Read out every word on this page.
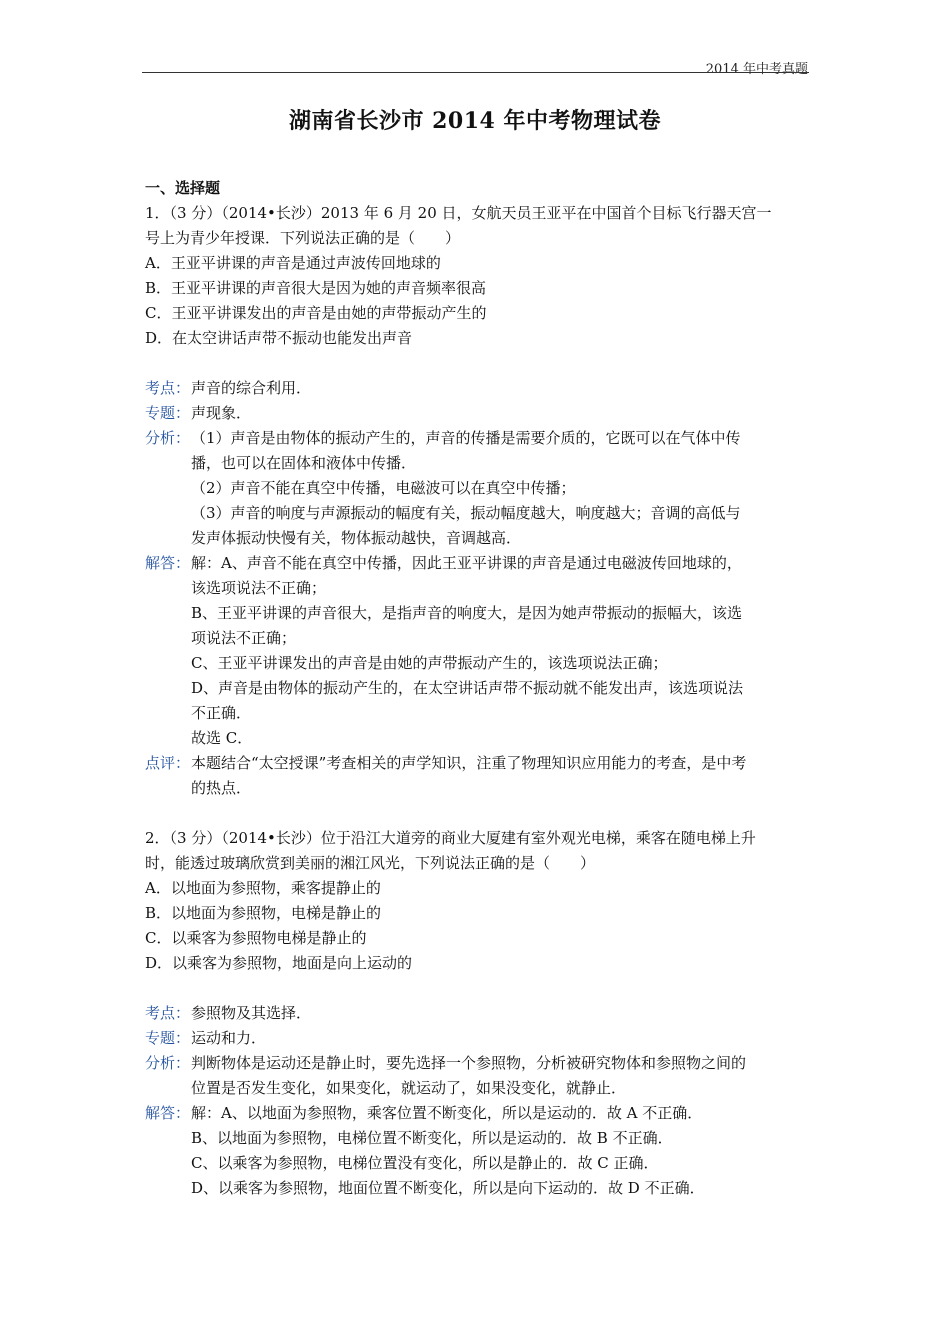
2014 年中考真题
湖南省长沙市 2014 年中考物理试卷
一、选择题
1．（3 分）（2014•长沙）2013 年 6 月 20 日，女航天员王亚平在中国首个目标飞行器天宫一
号上为青少年授课．下列说法正确的是（　　）
A．王亚平讲课的声音是通过声波传回地球的
B．王亚平讲课的声音很大是因为她的声音频率很高
C．王亚平讲课发出的声音是由她的声带振动产生的
D．在太空讲话声带不振动也能发出声音
考点： 声音的综合利用．
专题： 声现象．
分析： （1）声音是由物体的振动产生的，声音的传播是需要介质的，它既可以在气体中传
播，也可以在固体和液体中传播．
（2）声音不能在真空中传播，电磁波可以在真空中传播；
（3）声音的响度与声源振动的幅度有关，振动幅度越大，响度越大；音调的高低与
发声体振动快慢有关，物体振动越快，音调越高．
解答： 解：A、声音不能在真空中传播，因此王亚平讲课的声音是通过电磁波传回地球的，
该选项说法不正确；
B、王亚平讲课的声音很大，是指声音的响度大，是因为她声带振动的振幅大，该选
项说法不正确；
C、王亚平讲课发出的声音是由她的声带振动产生的，该选项说法正确；
D、声音是由物体的振动产生的，在太空讲话声带不振动就不能发出声，该选项说法
不正确．
故选 C．
点评： 本题结合“太空授课”考查相关的声学知识，注重了物理知识应用能力的考查，是中考
的热点．
2．（3 分）（2014•长沙）位于沿江大道旁的商业大厦建有室外观光电梯，乘客在随电梯上升
时，能透过玻璃欣赏到美丽的湘江风光，下列说法正确的是（　　）
A．以地面为参照物，乘客提静止的
B．以地面为参照物，电梯是静止的
C．以乘客为参照物电梯是静止的
D．以乘客为参照物，地面是向上运动的
考点： 参照物及其选择．
专题： 运动和力．
分析： 判断物体是运动还是静止时，要先选择一个参照物，分析被研究物体和参照物之间的
位置是否发生变化，如果变化，就运动了，如果没变化，就静止．
解答： 解：A、以地面为参照物，乘客位置不断变化，所以是运动的．故 A 不正确．
B、以地面为参照物，电梯位置不断变化，所以是运动的．故 B 不正确．
C、以乘客为参照物，电梯位置没有变化，所以是静止的．故 C 正确．
D、以乘客为参照物，地面位置不断变化，所以是向下运动的．故 D 不正确．
